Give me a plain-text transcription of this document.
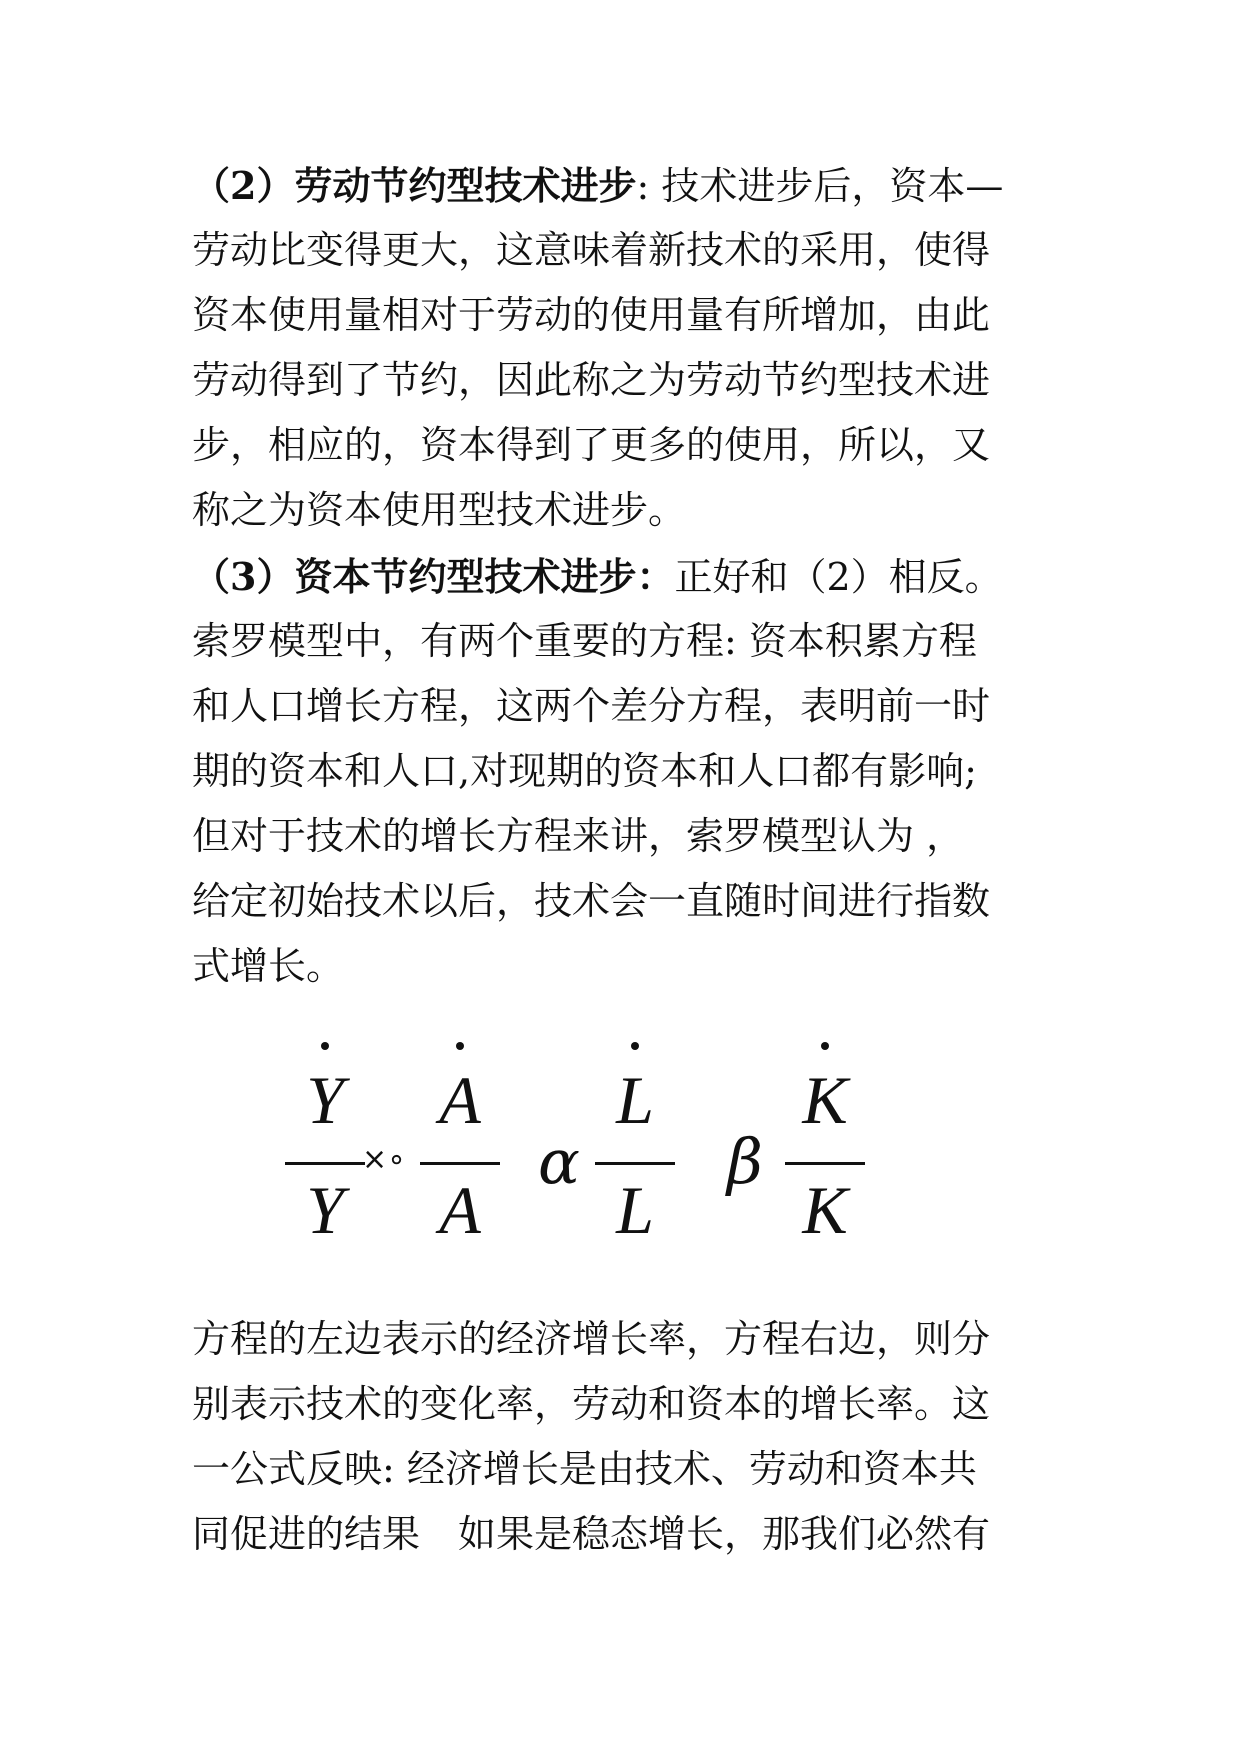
（2）劳动节约型技术进步: 技术进步后，资本—
劳动比变得更大，这意味着新技术的采用，使得
资本使用量相对于劳动的使用量有所增加，由此
劳动得到了节约，因此称之为劳动节约型技术进
步，相应的，资本得到了更多的使用，所以，又
称之为资本使用型技术进步。
（3）资本节约型技术进步：正好和（2）相反。
索罗模型中，有两个重要的方程: 资本积累方程
和人口增长方程，这两个差分方程，表明前一时
期的资本和人口,对现期的资本和人口都有影响;
但对于技术的增长方程来讲，索罗模型认为 ，
给定初始技术以后，技术会一直随时间进行指数
式增长。
Y
Y
×∘
A
A
α
L
L
β
K
K
方程的左边表示的经济增长率，方程右边，则分
别表示技术的变化率，劳动和资本的增长率。这
一公式反映: 经济增长是由技术、劳动和资本共
同促进的结果　如果是稳态增长，那我们必然有
